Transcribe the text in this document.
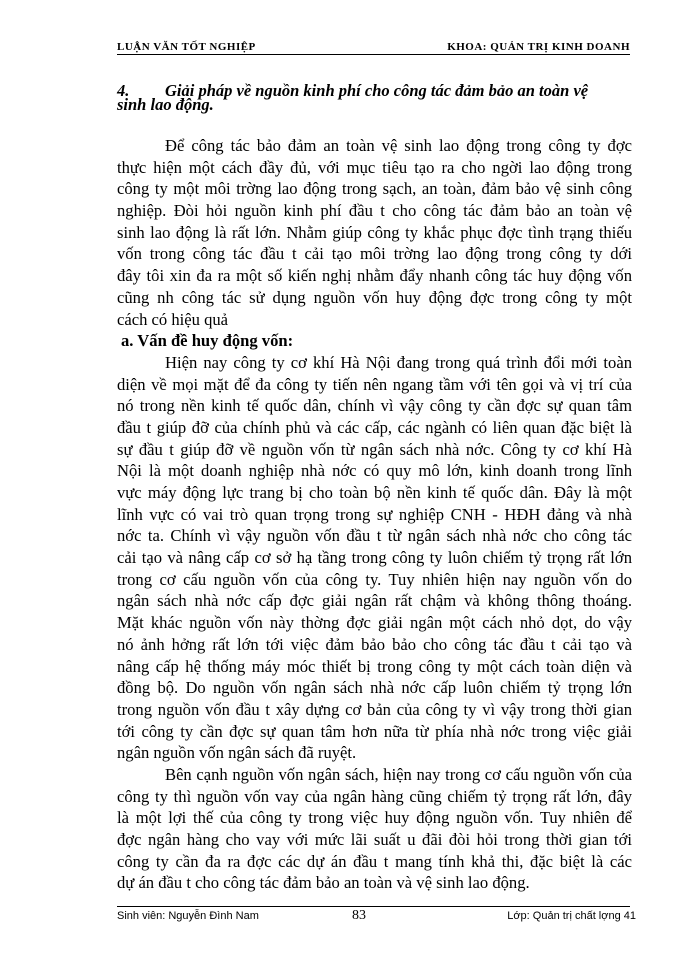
LUẬN VĂN TỐT NGHIỆP	KHOA: QUẢN TRỊ KINH DOANH
4. Giải pháp về nguồn kinh phí cho công tác đảm bảo an toàn vệ
sinh lao động.
Để công tác bảo đảm an toàn vệ sinh lao động trong công ty đợc
thực hiện một cách đầy đủ, với mục tiêu tạo ra cho ngời lao động trong
công ty một môi trờng lao động trong sạch, an toàn, đảm bảo vệ sinh công
nghiệp. Đòi hỏi nguồn kinh phí đầu t cho công tác đảm bảo an toàn vệ
sinh lao động là rất lớn. Nhằm giúp công ty khắc phục đợc tình trạng thiếu
vốn trong công tác đầu t cải tạo môi trờng lao động trong công ty dới
đây tôi xin đa ra một số kiến nghị nhằm đẩy nhanh công tác huy động vốn
cũng nh công tác sử dụng nguồn vốn huy động đợc trong công ty một
cách có hiệu quả
a. Vấn đề huy động vốn:
Hiện nay công ty cơ khí Hà Nội đang trong quá trình đổi mới toàn
diện về mọi mặt để đa công ty tiến nên ngang tầm với tên gọi và vị trí của
nó trong nền kinh tế quốc dân, chính vì vậy công ty cần đợc sự quan tâm
đầu t giúp đỡ của chính phủ và các cấp, các ngành có liên quan đặc biệt là
sự đầu t giúp đỡ về nguồn vốn từ ngân sách nhà nớc. Công ty cơ khí Hà
Nội là một doanh nghiệp nhà nớc có quy mô lớn, kinh doanh trong lĩnh
vực máy động lực trang bị cho toàn bộ nền kinh tế quốc dân. Đây là một
lĩnh vực có vai trò quan trọng trong sự nghiệp CNH - HĐH đảng và nhà
nớc ta. Chính vì vậy nguồn vốn đầu t từ ngân sách nhà nớc cho công tác
cải tạo và nâng cấp cơ sở hạ tầng trong công ty luôn chiếm tỷ trọng rất lớn
trong cơ cấu nguồn vốn của công ty. Tuy nhiên hiện nay nguồn vốn do
ngân sách nhà nớc cấp đợc giải ngân rất chậm và không thông thoáng.
Mặt khác nguồn vốn này thờng đợc giải ngân một cách nhỏ dọt, do vậy
nó ảnh hởng rất lớn tới việc đảm bảo bảo cho công tác đầu t cải tạo và
nâng cấp hệ thống máy móc thiết bị trong công ty một cách toàn diện và
đồng bộ. Do nguồn vốn ngân sách nhà nớc cấp luôn chiếm tỷ trọng lớn
trong nguồn vốn đầu t xây dựng cơ bản của công ty vì vậy trong thời gian
tới công ty cần đợc sự quan tâm hơn nữa từ phía nhà nớc trong việc giải
ngân nguồn vốn ngân sách đã ruyệt.
Bên cạnh nguồn vốn ngân sách, hiện nay trong cơ cấu nguồn vốn của
công ty thì nguồn vốn vay của ngân hàng cũng chiếm tỷ trọng rất lớn, đây
là một lợi thế của công ty trong việc huy động nguồn vốn. Tuy nhiên để
đợc ngân hàng cho vay với mức lãi suất u đãi đòi hỏi trong thời gian tới
công ty cần đa ra đợc các dự án đầu t mang tính khả thi, đặc biệt là các
dự án đầu t cho công tác đảm bảo an toàn và vệ sinh lao động.
Sinh viên: Nguyễn Đình Nam	83	Lớp: Quản trị chất lợng 41
